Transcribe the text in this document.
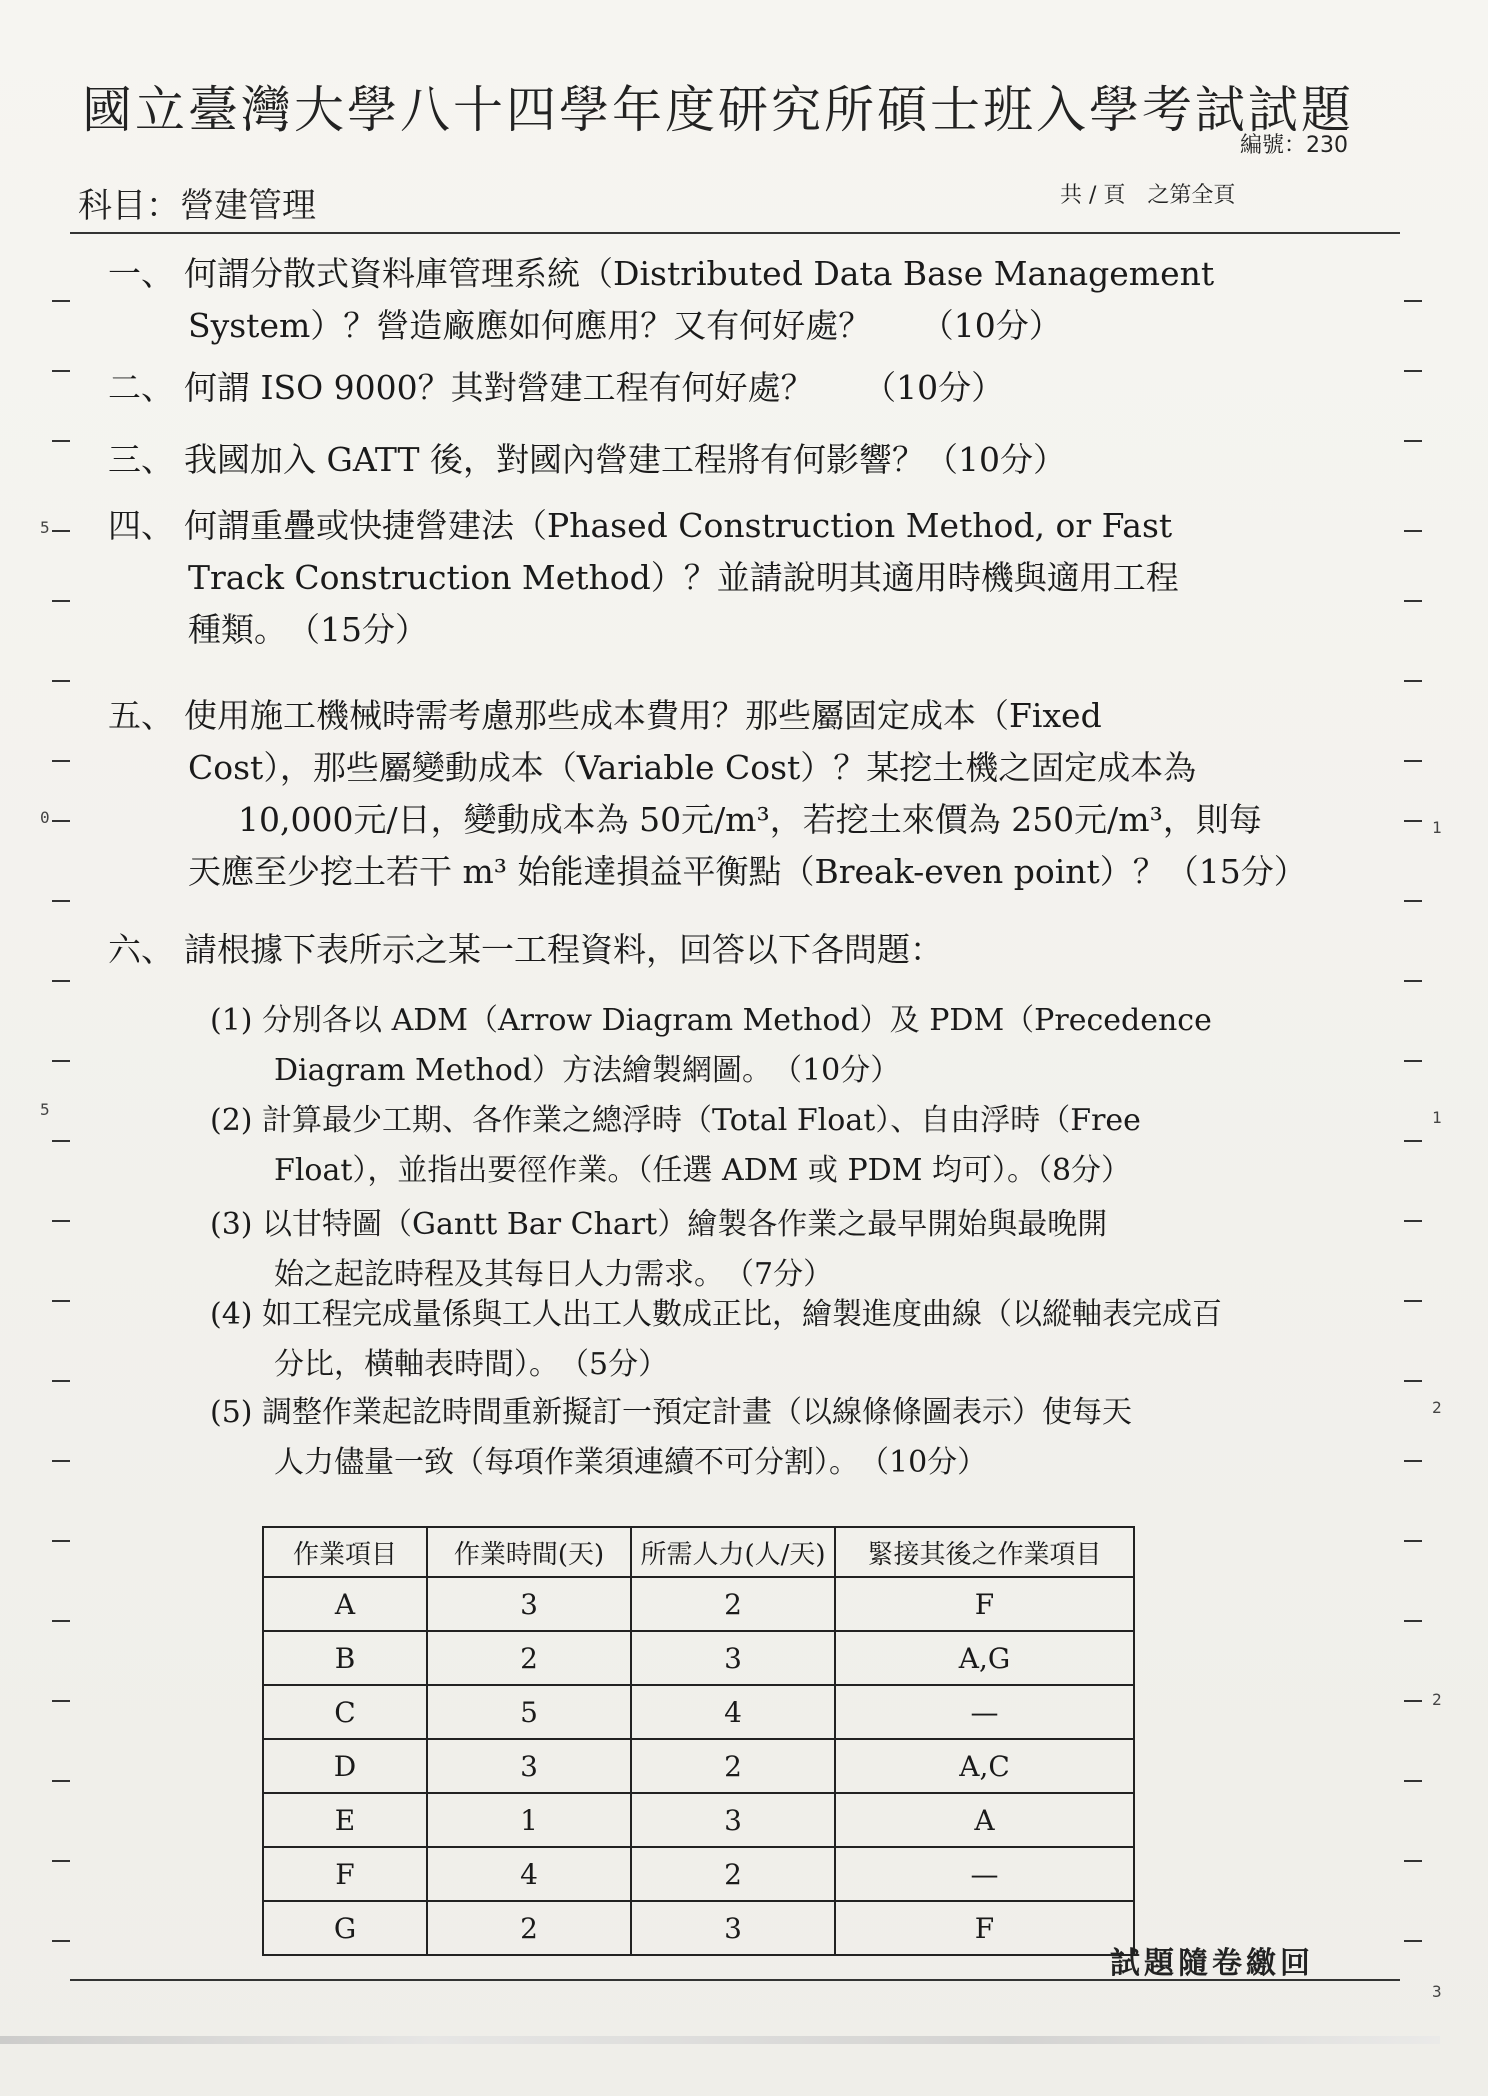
國立臺灣大學八十四學年度研究所碩士班入學考試試題
編號：230
科目：營建管理	共 / 頁　之第全頁
5
0
5
1
1
2
2
3
一、 何謂分散式資料庫管理系統（Distributed Data Base Management
System）？營造廠應如何應用？又有何好處？　　（10分）
二、 何謂 ISO 9000？其對營建工程有何好處？　　（10分）
三、 我國加入 GATT 後，對國內營建工程將有何影響？（10分）
四、 何謂重疊或快捷營建法（Phased Construction Method, or Fast
Track Construction Method）？並請說明其適用時機與適用工程
種類。　（15分）
五、 使用施工機械時需考慮那些成本費用？那些屬固定成本（Fixed
Cost），那些屬變動成本（Variable Cost）？某挖土機之固定成本為
10,000元/日，變動成本為 50元/m³，若挖土來價為 250元/m³，則每
天應至少挖土若干 m³ 始能達損益平衡點（Break-even point）？（15分）
六、 請根據下表所示之某一工程資料，回答以下各問題：
(1) 分別各以 ADM（Arrow Diagram Method）及 PDM（Precedence
Diagram Method）方法繪製網圖。　（10分）
(2) 計算最少工期、各作業之總浮時（Total Float）、自由浮時（Free
Float），並指出要徑作業。（任選 ADM 或 PDM 均可）。（8分）
(3) 以甘特圖（Gantt Bar Chart）繪製各作業之最早開始與最晚開
始之起訖時程及其每日人力需求。　（7分）
(4) 如工程完成量係與工人出工人數成正比，繪製進度曲線（以縱軸表完成百
分比，橫軸表時間）。　（5分）
(5) 調整作業起訖時間重新擬訂一預定計畫（以線條條圖表示）使每天
人力儘量一致（每項作業須連續不可分割）。　（10分）
作業項目	作業時間(天)	所需人力(人/天)	緊接其後之作業項目
A	3	2	F
B	2	3	A,G
C	5	4	—
D	3	2	A,C
E	1	3	A
F	4	2	—
G	2	3	F
試題隨卷繳回
